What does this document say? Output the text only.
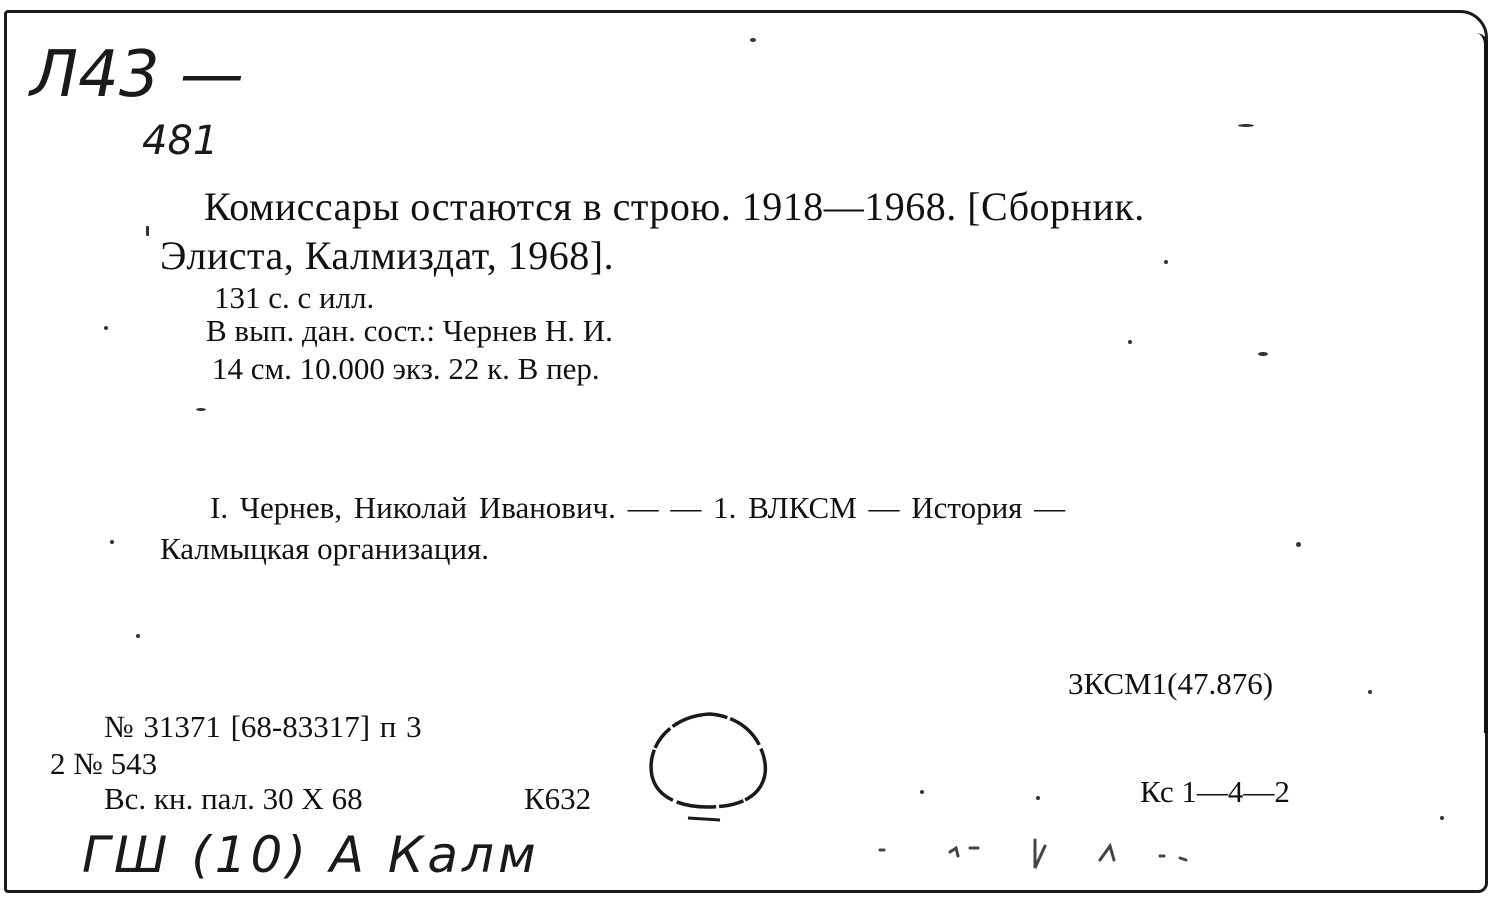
Л43 —
481
Комиссары остаются в строю. 1918—1968. [Сборник.
Элиста, Калмиздат, 1968].
131 с. с илл.
В вып. дан. сост.: Чернев Н. И.
14 см. 10.000 экз. 22 к. В пер.
I. Чернев, Николай Иванович. — — 1. ВЛКСМ — История —
Калмыцкая организация.
3КСМ1(47.876)
№ 31371 [68-83317] п 3
2 № 543
Вс. кн. пал. 30 X 68	К632	Кс 1—4—2
ГШ (10) А Калм
